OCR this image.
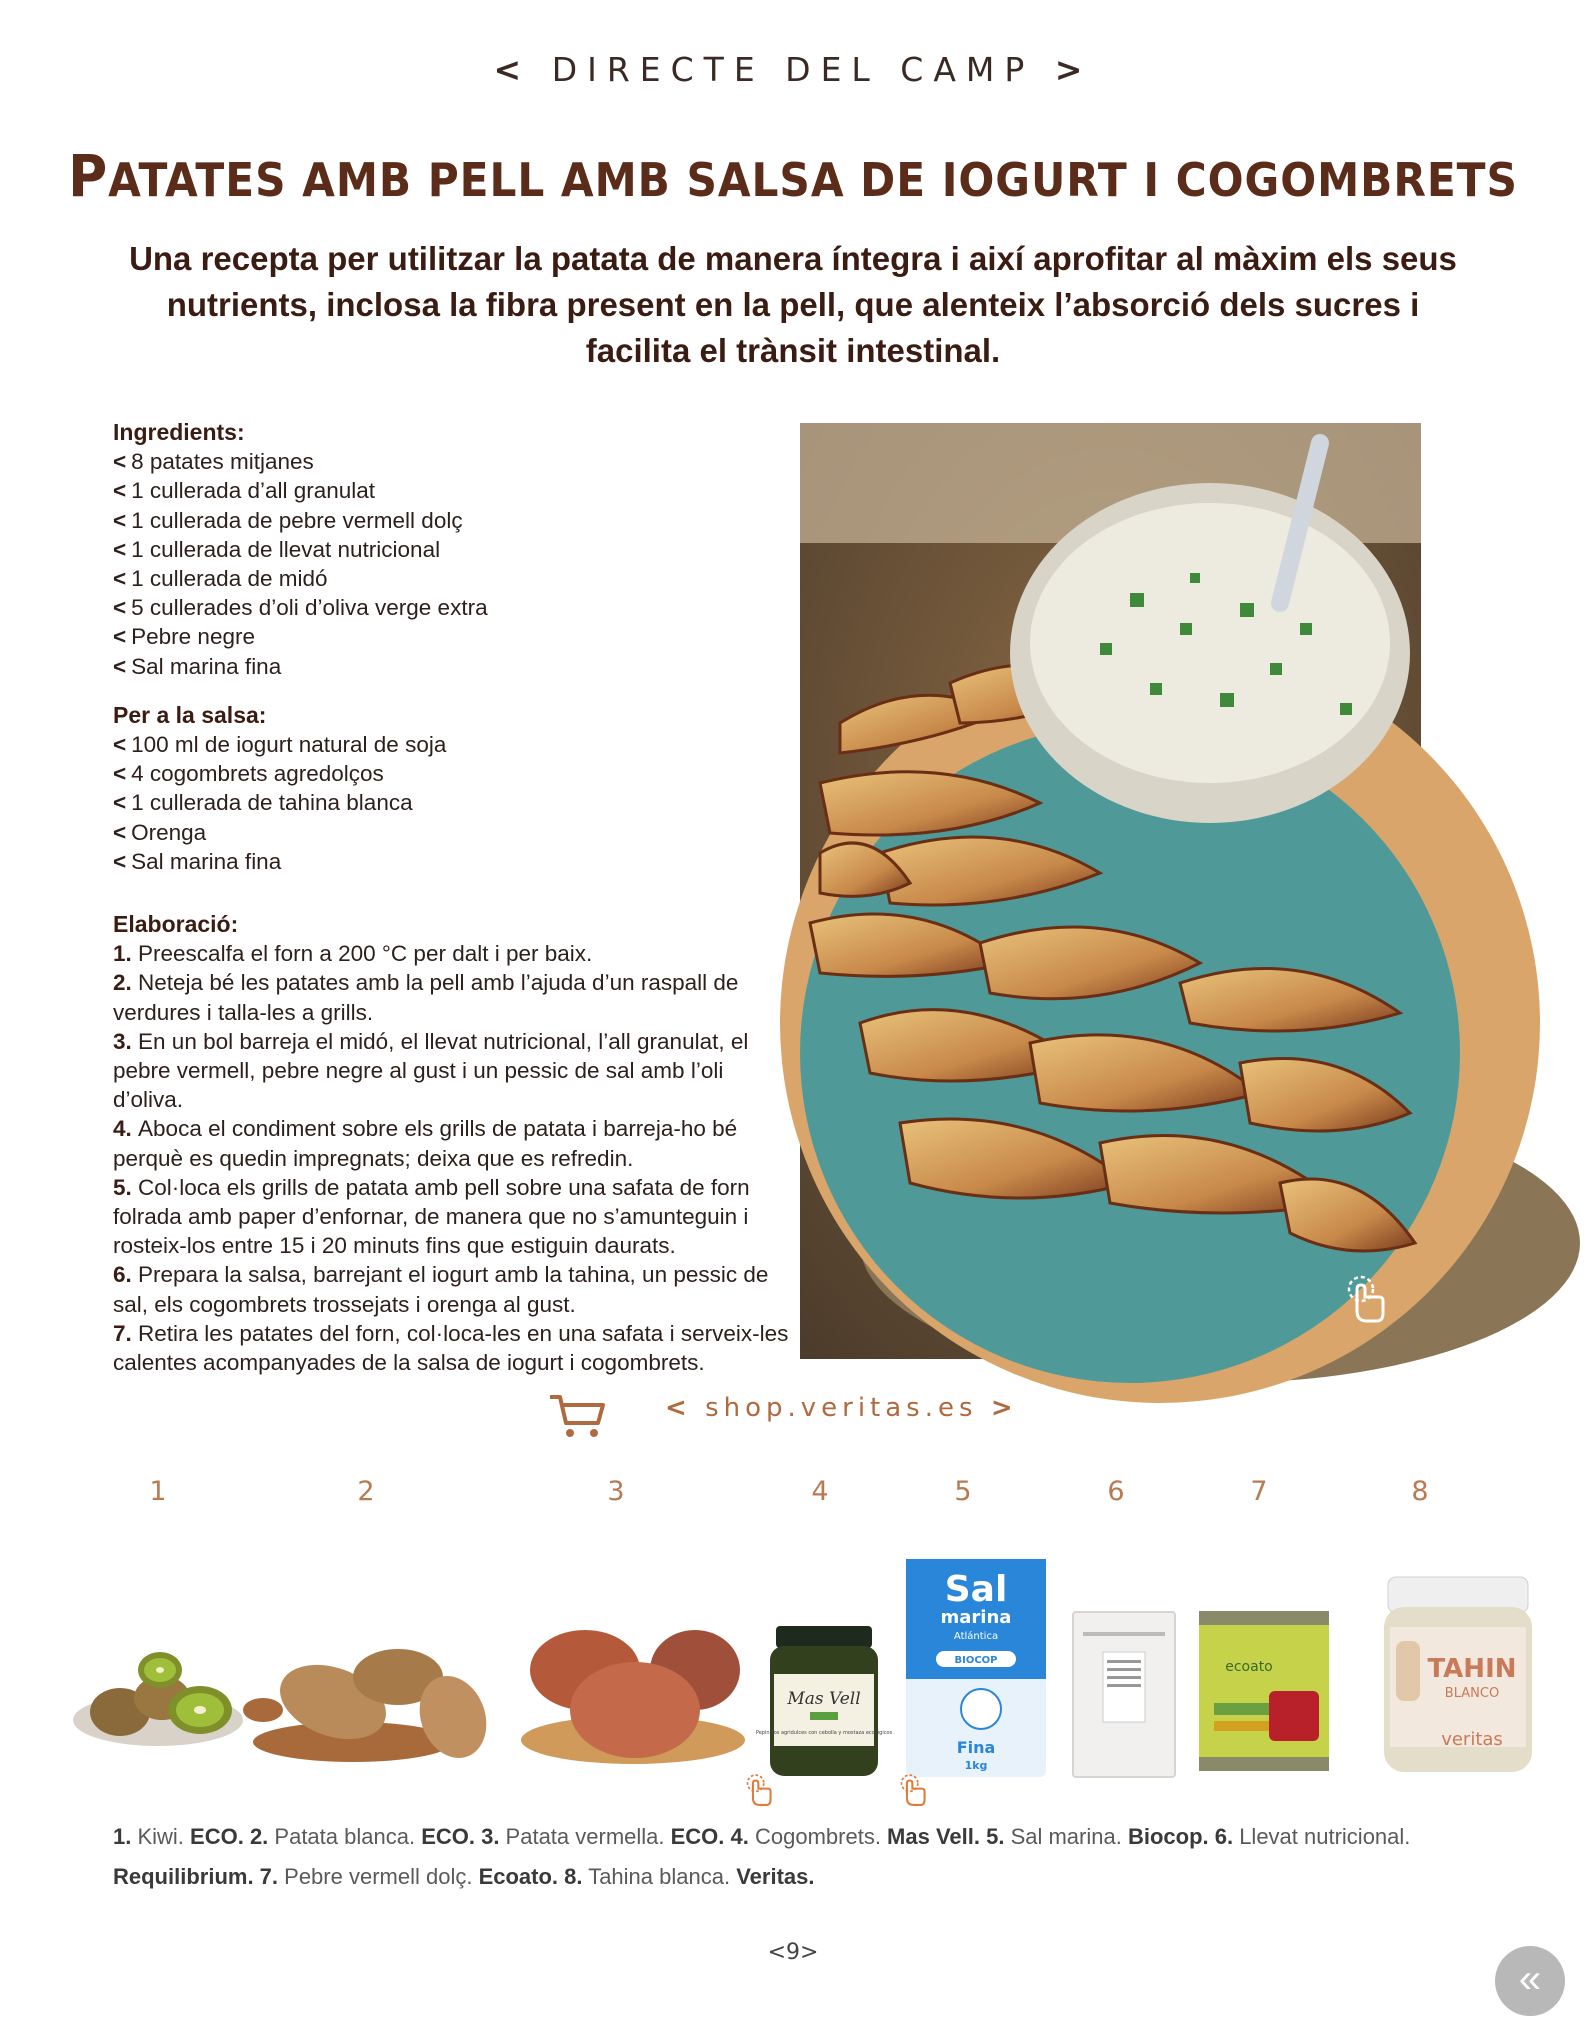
< DIRECTE DEL CAMP >
PATATES AMB PELL AMB SALSA DE IOGURT I COGOMBRETS
Una recepta per utilitzar la patata de manera íntegra i així aprofitar al màxim els seus nutrients, inclosa la fibra present en la pell, que alenteix l’absorció dels sucres i facilita el trànsit intestinal.
Ingredients:
< 8 patates mitjanes
< 1 cullerada d’all granulat
< 1 cullerada de pebre vermell dolç
< 1 cullerada de llevat nutricional
< 1 cullerada de midó
< 5 cullerades d’oli d’oliva verge extra
< Pebre negre
< Sal marina fina
Per a la salsa:
< 100 ml de iogurt natural de soja
< 4 cogombrets agredolços
< 1 cullerada de tahina blanca
< Orenga
< Sal marina fina
Elaboració:
1. Preescalfa el forn a 200 °C per dalt i per baix.
2. Neteja bé les patates amb la pell amb l’ajuda d’un raspall de verdures i talla-les a grills.
3. En un bol barreja el midó, el llevat nutricional, l’all granulat, el pebre vermell, pebre negre al gust i un pessic de sal amb l’oli d’oliva.
4. Aboca el condiment sobre els grills de patata i barreja-ho bé perquè es quedin impregnats; deixa que es refredin.
5. Col·loca els grills de patata amb pell sobre una safata de forn folrada amb paper d’enfornar, de manera que no s’amunteguin i rosteix-los entre 15 i 20 minuts fins que estiguin daurats.
6. Prepara la salsa, barrejant el iogurt amb la tahina, un pessic de sal, els cogombrets trossejats i orenga al gust.
7. Retira les patates del forn, col·loca-les en una safata i serveix-les calentes acompanyades de la salsa de iogurt i cogombrets.
< shop.veritas.es >
1	2	3	4	5	6	7	8
Mas Vell
Pepinillos agridulces con cebolla y mostaza ecológicos
Sal
marina
Atlántica
BIOCOP
Fina
1kg
ecoato	TAHIN
BLANCO
veritas
1. Kiwi. ECO. 2. Patata blanca. ECO. 3. Patata vermella. ECO. 4. Cogombrets. Mas Vell. 5. Sal marina. Biocop. 6. Llevat nutricional. Requilibrium. 7. Pebre vermell dolç. Ecoato. 8. Tahina blanca. Veritas.
<9>
«
